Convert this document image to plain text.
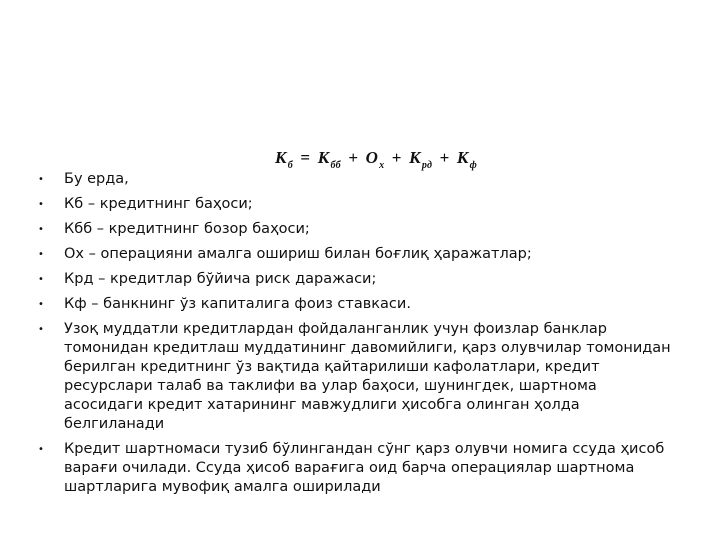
$К_б = К_{бб} + О_х + К_{рд} + К_ф$
• Бу ерда,
• Кб – кредитнинг баҳоси;
• Кбб – кредитнинг бозор баҳоси;
• Ох – операцияни амалга ошириш билан боғлиқ ҳаражатлар;
• Крд – кредитлар бўйича риск даражаси;
• Кф – банкнинг ўз капиталига фоиз ставкаси.
• Узоқ муддатли кредитлардан фойдаланганлик учун фоизлар банклар томонидан кредитлаш муддатининг давомийлиги, қарз олувчилар томонидан берилган кредитнинг ўз вақтида қайтарилиши кафолатлари, кредит ресурслари талаб ва таклифи ва улар баҳоси, шунингдек, шартнома асосидаги кредит хатарининг мавжудлиги ҳисобга олинган ҳолда белгиланади
• Кредит шартномаси тузиб бўлингандан сўнг қарз олувчи номига ссуда ҳисоб варағи очилади. Ссуда ҳисоб варағига оид барча операциялар шартнома шартларига мувофиқ амалга оширилади
